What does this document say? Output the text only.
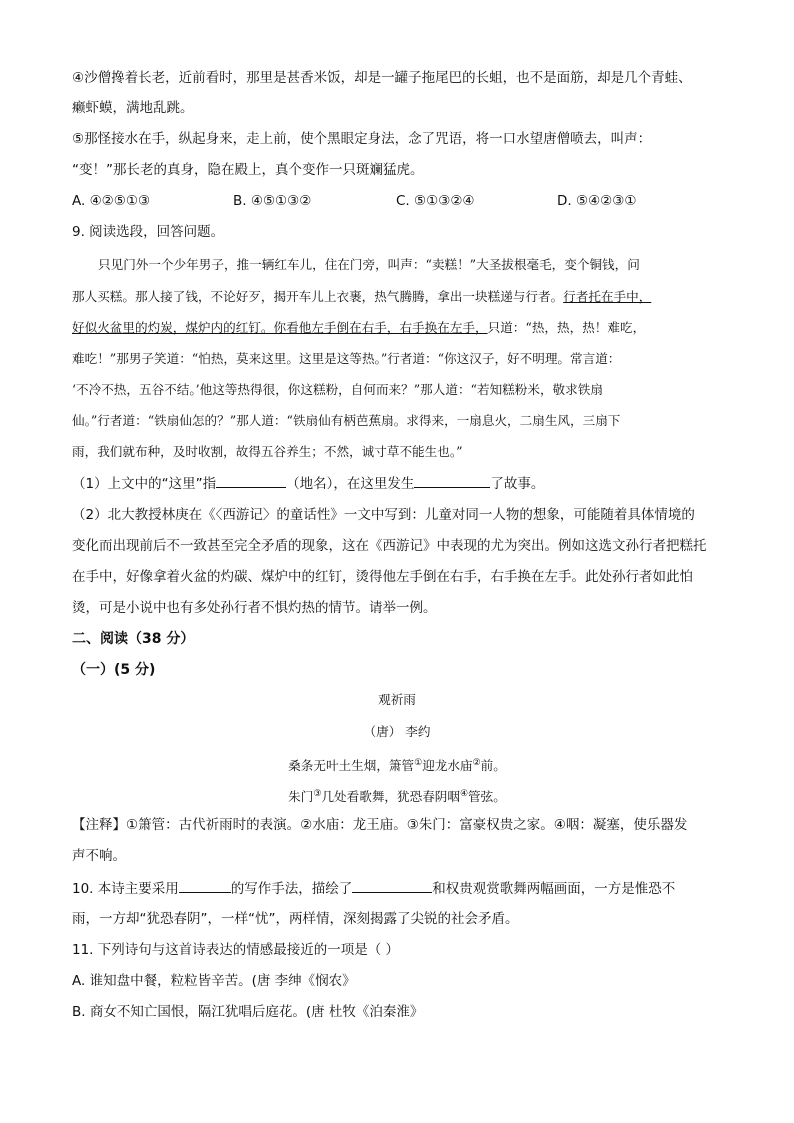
④沙僧搀着长老，近前看时，那里是甚香米饭，却是一罐子拖尾巴的长蛆，也不是面筋，却是几个青蛙、
癞虾蟆，满地乱跳。
⑤那怪接水在手，纵起身来，走上前，使个黑眼定身法，念了咒语，将一口水望唐僧喷去，叫声：
“变！”那长老的真身，隐在殿上，真个变作一只斑斓猛虎。
A. ④②⑤①③	B. ④⑤①③②	C. ⑤①③②④	D. ⑤④②③①
9. 阅读选段，回答问题。
只见门外一个少年男子，推一辆红车儿，住在门旁，叫声：“卖糕！”大圣拔根毫毛，变个铜钱，问
那人买糕。那人接了钱，不论好歹，揭开车儿上衣裹，热气腾腾，拿出一块糕递与行者。行者托在手中，
好似火盆里的灼炭，煤炉内的红钉。你看他左手倒在右手，右手换在左手，只道：“热，热，热！难吃，
难吃！”那男子笑道：“怕热，莫来这里。这里是这等热。”行者道：“你这汉子，好不明理。常言道：
‘不冷不热，五谷不结。’他这等热得很，你这糕粉，自何而来？”那人道：“若知糕粉米，敬求铁扇
仙。”行者道：“铁扇仙怎的？”那人道：“铁扇仙有柄芭蕉扇。求得来，一扇息火，二扇生风，三扇下
雨，我们就布种，及时收割，故得五谷养生；不然，诚寸草不能生也。”
（1）上文中的“这里”指	（地名），在这里发生	了故事。
（2）北大教授林庚在《〈西游记〉的童话性》一文中写到：儿童对同一人物的想象，可能随着具体情境的
变化而出现前后不一致甚至完全矛盾的现象，这在《西游记》中表现的尤为突出。例如这选文孙行者把糕托
在手中，好像拿着火盆的灼碳、煤炉中的红钉，烫得他左手倒在右手，右手换在左手。此处孙行者如此怕
烫，可是小说中也有多处孙行者不惧灼热的情节。请举一例。
二、阅读（38 分）
（一）(5 分)
观祈雨
（唐） 李约
桑条无叶土生烟，箫管①迎龙水庙②前。
朱门③几处看歌舞，犹恐春阴咽④管弦。
【注释】①箫管：古代祈雨时的表演。②水庙：龙王庙。③朱门：富豪权贵之家。④咽：凝塞，使乐器发
声不响。
10. 本诗主要采用	的写作手法，描绘了	和权贵观赏歌舞两幅画面，一方是惟恐不
雨，一方却“犹恐春阴”，一样“忧”，两样情，深刻揭露了尖锐的社会矛盾。
11. 下列诗句与这首诗表达的情感最接近的一项是（ ）
A. 谁知盘中餐，粒粒皆辛苦。(唐 李绅《悯农》
B. 商女不知亡国恨，隔江犹唱后庭花。(唐 杜牧《泊秦淮》
